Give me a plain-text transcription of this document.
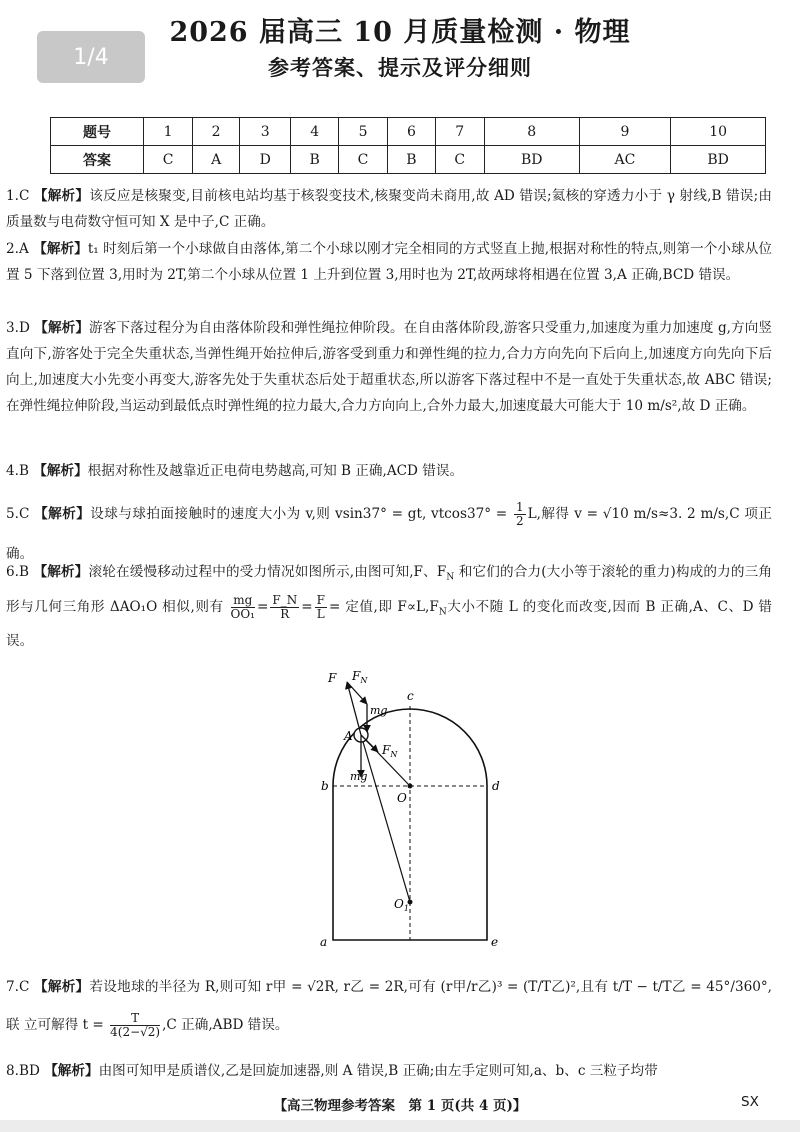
1/4
2026 届高三 10 月质量检测 · 物理
参考答案、提示及评分细则
题号	1	2	3	4	5	6	7	8	9	10
答案	C	A	D	B	C	B	C	BD	AC	BD
1.C 【解析】该反应是核聚变,目前核电站均基于核裂变技术,核聚变尚未商用,故 AD 错误;氦核的穿透力小于 γ 射线,B 错误;由质量数与电荷数守恒可知 X 是中子,C 正确。
2.A 【解析】t₁ 时刻后第一个小球做自由落体,第二个小球以刚才完全相同的方式竖直上抛,根据对称性的特点,则第一个小球从位置 5 下落到位置 3,用时为 2T,第二个小球从位置 1 上升到位置 3,用时也为 2T,故两球将相遇在位置 3,A 正确,BCD 错误。
3.D 【解析】游客下落过程分为自由落体阶段和弹性绳拉伸阶段。在自由落体阶段,游客只受重力,加速度为重力加速度 g,方向竖直向下,游客处于完全失重状态,当弹性绳开始拉伸后,游客受到重力和弹性绳的拉力,合力方向先向下后向上,加速度方向先向下后向上,加速度大小先变小再变大,游客先处于失重状态后处于超重状态,所以游客下落过程中不是一直处于失重状态,故 ABC 错误;在弹性绳拉伸阶段,当运动到最低点时弹性绳的拉力最大,合力方向向上,合外力最大,加速度最大可能大于 10 m/s²,故 D 正确。
4.B 【解析】根据对称性及越靠近正电荷电势越高,可知 B 正确,ACD 错误。
5.C 【解析】设球与球拍面接触时的速度大小为 v,则 vsin37° = gt, $vtcos37^\circ = \frac{1}{2} L$,解得 v = √10 m/s≈3. 2 m/s,C 项正确。
6.B 【解析】滚轮在缓慢移动过程中的受力情况如图所示,由图可知,F、$F_N$ 和它们的合力(大小等于滚轮的重力)构成的力的三角形与几何三角形 ΔAO₁O 相似,则有 $\frac{mg}{\text{OO₁}} = \frac{F\_N}{R} = \frac{F}{L}$ = 定值,即 $F\propto L,F_N$大小不随 L 的变化而改变,因而 B 正确,A、C、D 错误。
F $F_N$
mg
A
$F_N$
mg
c
b	d
O
$O_1$
a	e
7.C 【解析】若设地球的半径为 R,则可知 r甲 = √2R, r乙 = 2R,可有 (r甲/r乙)³ = (T/T乙)²,且有 t/T − t/T乙 = 45°/360°,联 立可解得 $t = \frac{T}{4(2-√2)} ,C$ 正确,ABD 错误。
8.BD 【解析】由图可知甲是质谱仪,乙是回旋加速器,则 A 错误,B 正确;由左手定则可知,a、b、c 三粒子均带
【高三物理参考答案　第 1 页(共 4 页)】	SX
